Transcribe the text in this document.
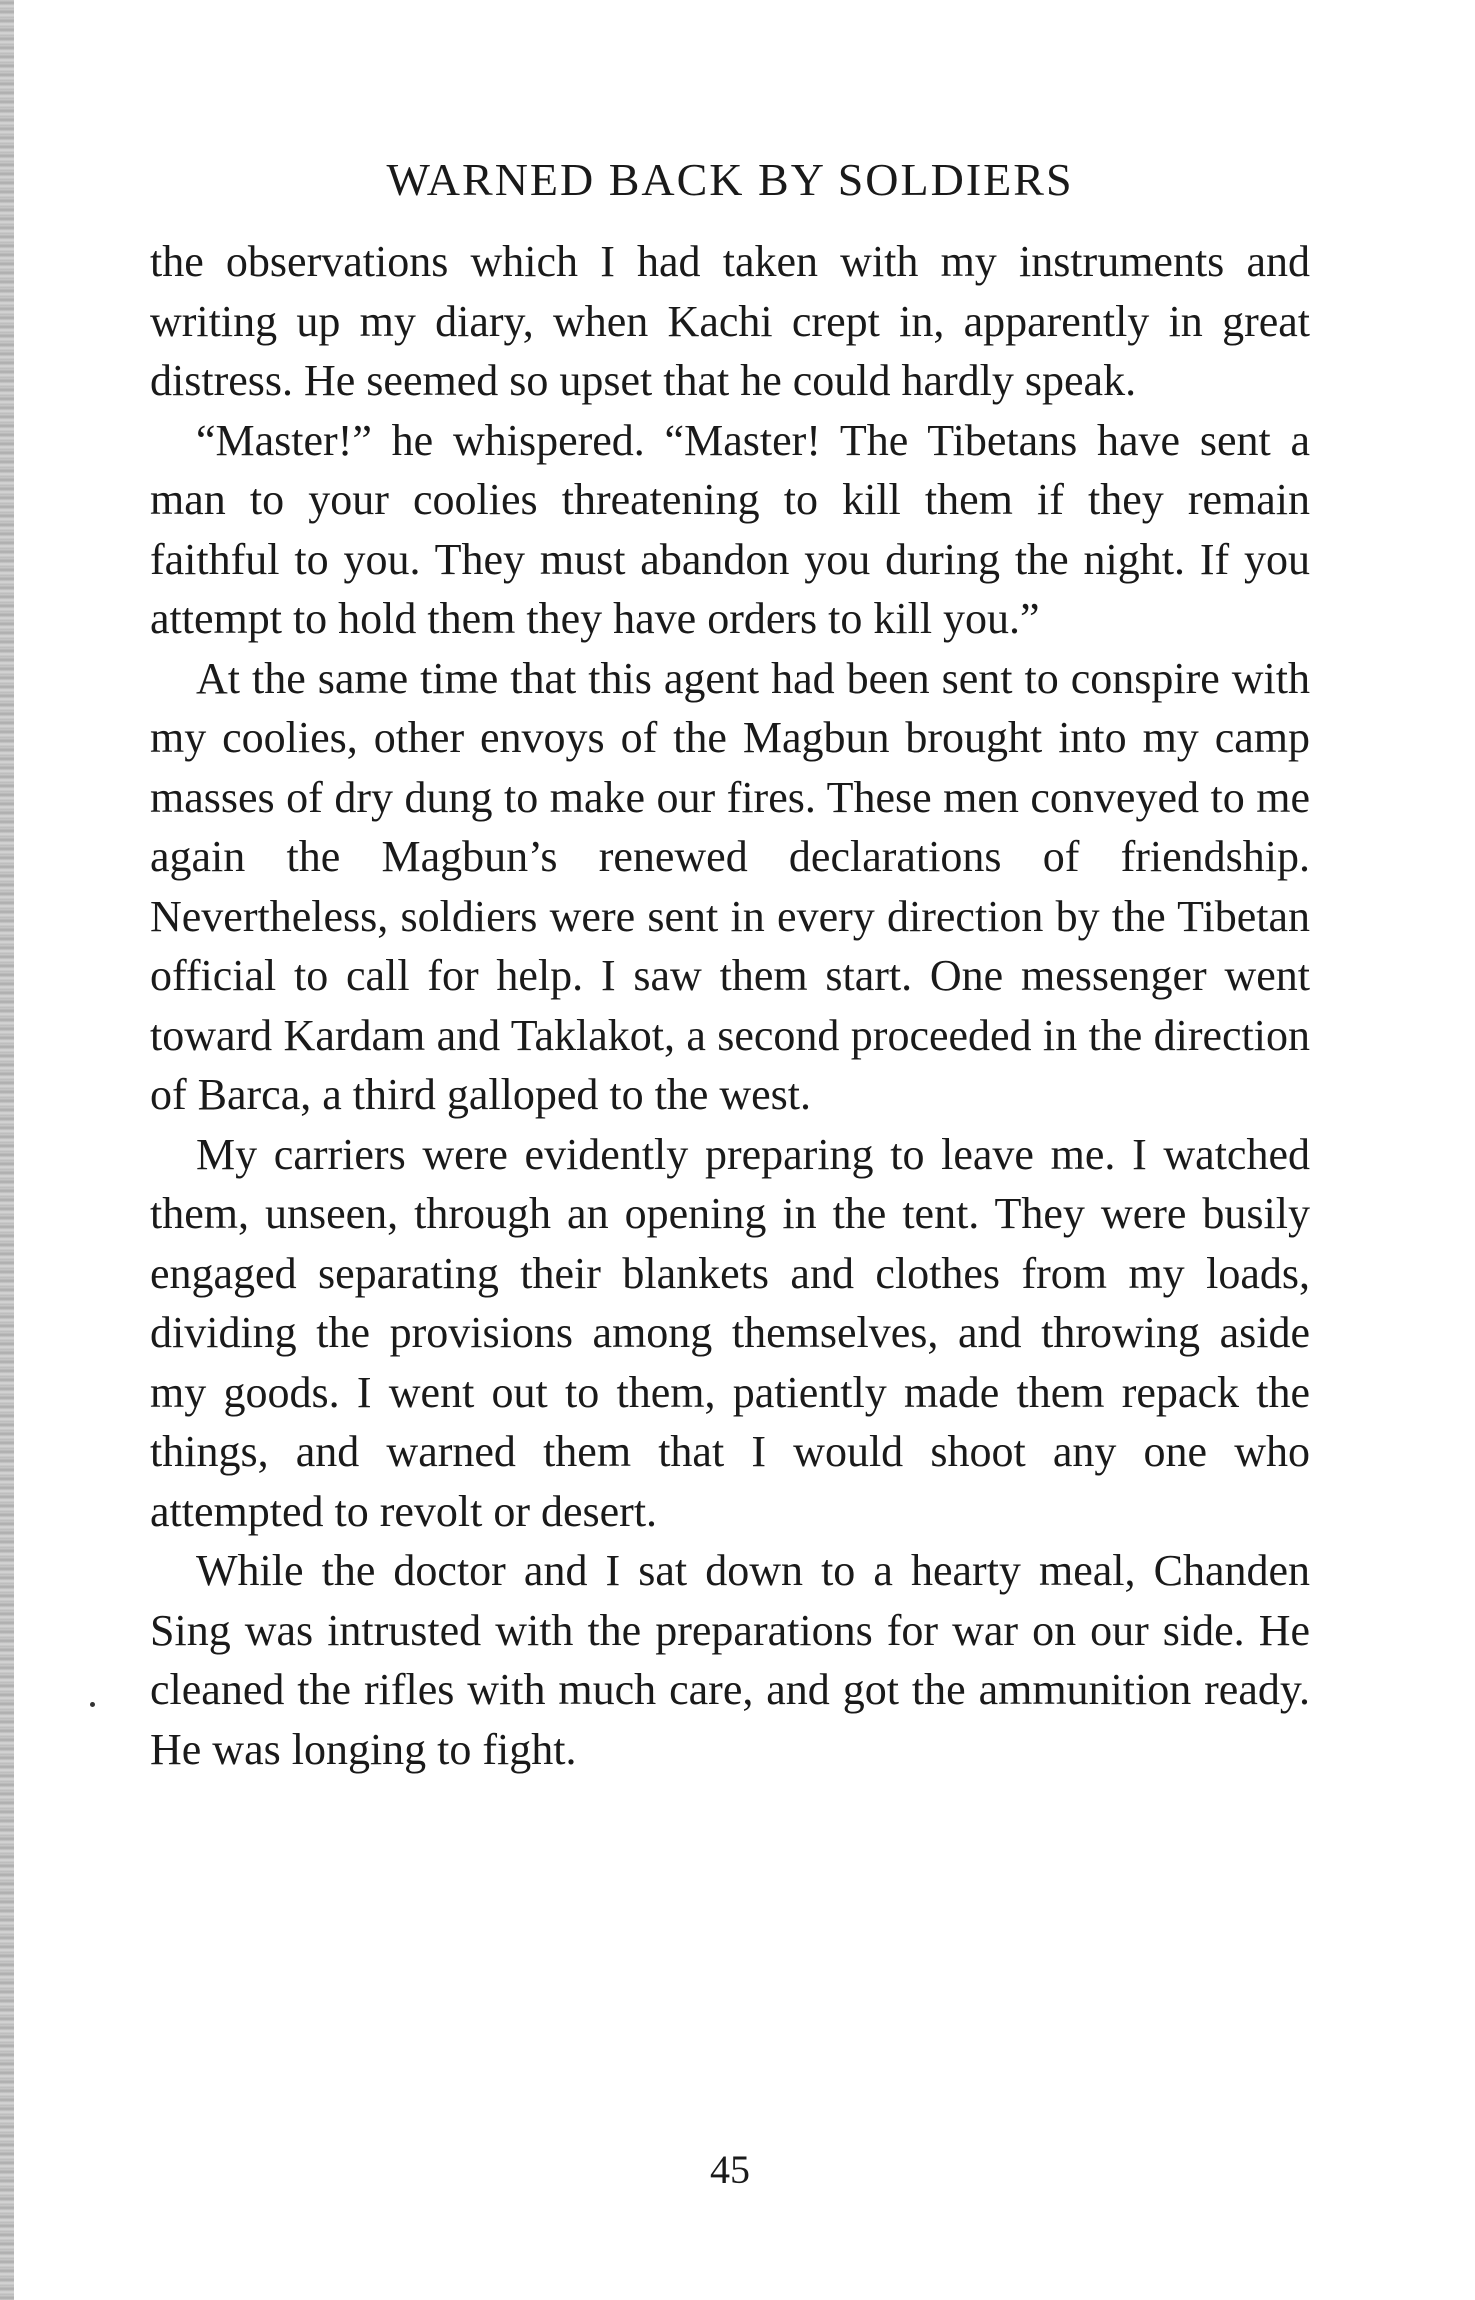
WARNED BACK BY SOLDIERS

the observations which I had taken with my instruments and writing up my diary, when Kachi crept in, apparently in great distress. He seemed so upset that he could hardly speak.

“Master!” he whispered. “Master! The Tibetans have sent a man to your coolies threatening to kill them if they remain faithful to you. They must abandon you during the night. If you attempt to hold them they have orders to kill you.”

At the same time that this agent had been sent to conspire with my coolies, other envoys of the Magbun brought into my camp masses of dry dung to make our fires. These men conveyed to me again the Magbun’s renewed declarations of friendship. Nevertheless, soldiers were sent in every direction by the Tibetan official to call for help. I saw them start. One messenger went toward Kardam and Taklakot, a second proceeded in the direction of Barca, a third galloped to the west.

My carriers were evidently preparing to leave me. I watched them, unseen, through an opening in the tent. They were busily engaged separating their blankets and clothes from my loads, dividing the provisions among themselves, and throwing aside my goods. I went out to them, patiently made them repack the things, and warned them that I would shoot any one who attempted to revolt or desert.

While the doctor and I sat down to a hearty meal, Chanden Sing was intrusted with the preparations for war on our side. He cleaned the rifles with much care, and got the ammunition ready. He was longing to fight.

45
